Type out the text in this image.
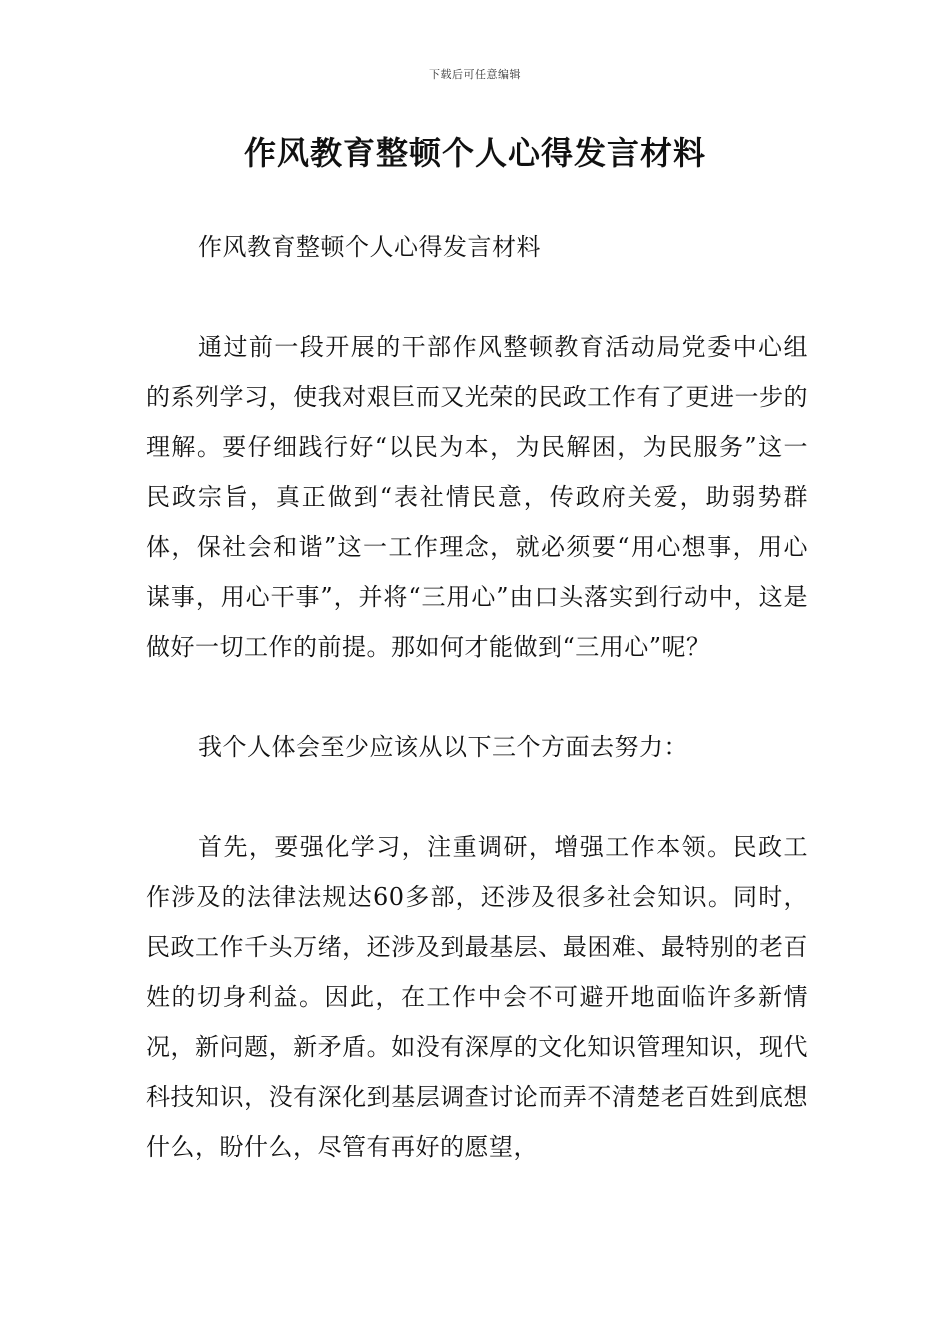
下载后可任意编辑
作风教育整顿个人心得发言材料

作风教育整顿个人心得发言材料

通过前一段开展的干部作风整顿教育活动局党委中心组的系列学习，使我对艰巨而又光荣的民政工作有了更进一步的理解。要仔细践行好“以民为本，为民解困，为民服务”这一民政宗旨，真正做到“表社情民意，传政府关爱，助弱势群体，保社会和谐”这一工作理念，就必须要“用心想事，用心谋事，用心干事”，并将“三用心”由口头落实到行动中，这是做好一切工作的前提。那如何才能做到“三用心”呢？

我个人体会至少应该从以下三个方面去努力：

首先，要强化学习，注重调研，增强工作本领。民政工作涉及的法律法规达60多部，还涉及很多社会知识。同时，民政工作千头万绪，还涉及到最基层、最困难、最特别的老百姓的切身利益。因此，在工作中会不可避开地面临许多新情况，新问题，新矛盾。如没有深厚的文化知识管理知识，现代科技知识，没有深化到基层调查讨论而弄不清楚老百姓到底想什么，盼什么，尽管有再好的愿望，
